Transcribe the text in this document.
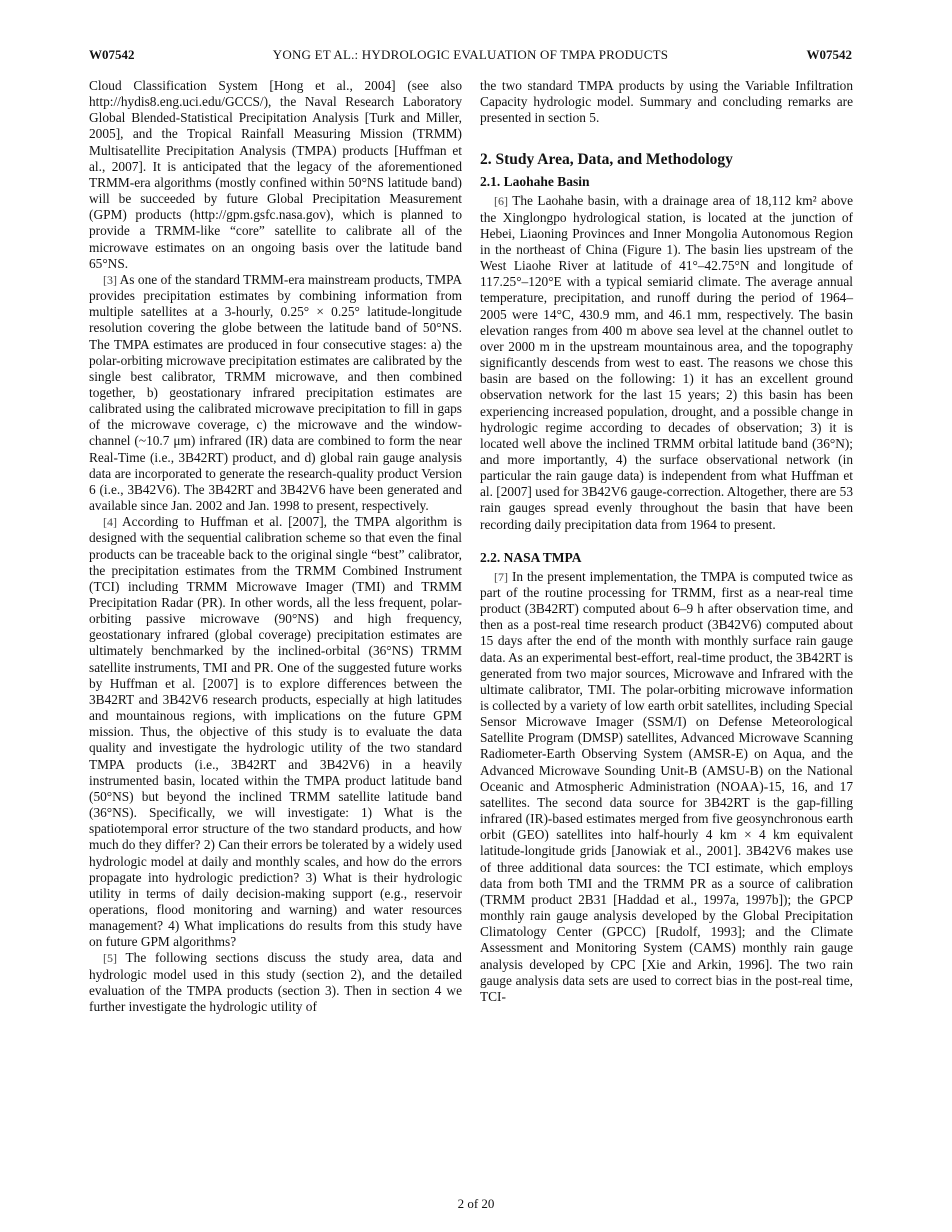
W07542	YONG ET AL.: HYDROLOGIC EVALUATION OF TMPA PRODUCTS	W07542

Cloud Classification System [Hong et al., 2004] (see also http://hydis8.eng.uci.edu/GCCS/), the Naval Research Laboratory Global Blended-Statistical Precipitation Analysis [Turk and Miller, 2005], and the Tropical Rainfall Measuring Mission (TRMM) Multisatellite Precipitation Analysis (TMPA) products [Huffman et al., 2007]. It is anticipated that the legacy of the aforementioned TRMM-era algorithms (mostly confined within 50°NS latitude band) will be succeeded by future Global Precipitation Measurement (GPM) products (http://gpm.gsfc.nasa.gov), which is planned to provide a TRMM-like “core” satellite to calibrate all of the microwave estimates on an ongoing basis over the latitude band 65°NS.

[3] As one of the standard TRMM-era mainstream products, TMPA provides precipitation estimates by combining information from multiple satellites at a 3-hourly, 0.25° × 0.25° latitude-longitude resolution covering the globe between the latitude band of 50°NS. The TMPA estimates are produced in four consecutive stages: a) the polar-orbiting microwave precipitation estimates are calibrated by the single best calibrator, TRMM microwave, and then combined together, b) geostationary infrared precipitation estimates are calibrated using the calibrated microwave precipitation to fill in gaps of the microwave coverage, c) the microwave and the window-channel (~10.7 μm) infrared (IR) data are combined to form the near Real-Time (i.e., 3B42RT) product, and d) global rain gauge analysis data are incorporated to generate the research-quality product Version 6 (i.e., 3B42V6). The 3B42RT and 3B42V6 have been generated and available since Jan. 2002 and Jan. 1998 to present, respectively.

[4] According to Huffman et al. [2007], the TMPA algorithm is designed with the sequential calibration scheme so that even the final products can be traceable back to the original single “best” calibrator, the precipitation estimates from the TRMM Combined Instrument (TCI) including TRMM Microwave Imager (TMI) and TRMM Precipitation Radar (PR). In other words, all the less frequent, polar-orbiting passive microwave (90°NS) and high frequency, geostationary infrared (global coverage) precipitation estimates are ultimately benchmarked by the inclined-orbital (36°NS) TRMM satellite instruments, TMI and PR. One of the suggested future works by Huffman et al. [2007] is to explore differences between the 3B42RT and 3B42V6 research products, especially at high latitudes and mountainous regions, with implications on the future GPM mission. Thus, the objective of this study is to evaluate the data quality and investigate the hydrologic utility of the two standard TMPA products (i.e., 3B42RT and 3B42V6) in a heavily instrumented basin, located within the TMPA product latitude band (50°NS) but beyond the inclined TRMM satellite latitude band (36°NS). Specifically, we will investigate: 1) What is the spatiotemporal error structure of the two standard products, and how much do they differ? 2) Can their errors be tolerated by a widely used hydrologic model at daily and monthly scales, and how do the errors propagate into hydrologic prediction? 3) What is their hydrologic utility in terms of daily decision-making support (e.g., reservoir operations, flood monitoring and warning) and water resources management? 4) What implications do results from this study have on future GPM algorithms?

[5] The following sections discuss the study area, data and hydrologic model used in this study (section 2), and the detailed evaluation of the TMPA products (section 3). Then in section 4 we further investigate the hydrologic utility of

the two standard TMPA products by using the Variable Infiltration Capacity hydrologic model. Summary and concluding remarks are presented in section 5.

2. Study Area, Data, and Methodology
2.1. Laohahe Basin

[6] The Laohahe basin, with a drainage area of 18,112 km² above the Xinglongpo hydrological station, is located at the junction of Hebei, Liaoning Provinces and Inner Mongolia Autonomous Region in the northeast of China (Figure 1). The basin lies upstream of the West Liaohe River at latitude of 41°–42.75°N and longitude of 117.25°–120°E with a typical semiarid climate. The average annual temperature, precipitation, and runoff during the period of 1964–2005 were 14°C, 430.9 mm, and 46.1 mm, respectively. The basin elevation ranges from 400 m above sea level at the channel outlet to over 2000 m in the upstream mountainous area, and the topography significantly descends from west to east. The reasons we chose this basin are based on the following: 1) it has an excellent ground observation network for the last 15 years; 2) this basin has been experiencing increased population, drought, and a possible change in hydrologic regime according to decades of observation; 3) it is located well above the inclined TRMM orbital latitude band (36°N); and more importantly, 4) the surface observational network (in particular the rain gauge data) is independent from what Huffman et al. [2007] used for 3B42V6 gauge-correction. Altogether, there are 53 rain gauges spread evenly throughout the basin that have been recording daily precipitation data from 1964 to present.

2.2. NASA TMPA

[7] In the present implementation, the TMPA is computed twice as part of the routine processing for TRMM, first as a near-real time product (3B42RT) computed about 6–9 h after observation time, and then as a post-real time research product (3B42V6) computed about 15 days after the end of the month with monthly surface rain gauge data. As an experimental best-effort, real-time product, the 3B42RT is generated from two major sources, Microwave and Infrared with the ultimate calibrator, TMI. The polar-orbiting microwave information is collected by a variety of low earth orbit satellites, including Special Sensor Microwave Imager (SSM/I) on Defense Meteorological Satellite Program (DMSP) satellites, Advanced Microwave Scanning Radiometer-Earth Observing System (AMSR-E) on Aqua, and the Advanced Microwave Sounding Unit-B (AMSU-B) on the National Oceanic and Atmospheric Administration (NOAA)-15, 16, and 17 satellites. The second data source for 3B42RT is the gap-filling infrared (IR)-based estimates merged from five geosynchronous earth orbit (GEO) satellites into half-hourly 4 km × 4 km equivalent latitude-longitude grids [Janowiak et al., 2001]. 3B42V6 makes use of three additional data sources: the TCI estimate, which employs data from both TMI and the TRMM PR as a source of calibration (TRMM product 2B31 [Haddad et al., 1997a, 1997b]); the GPCP monthly rain gauge analysis developed by the Global Precipitation Climatology Center (GPCC) [Rudolf, 1993]; and the Climate Assessment and Monitoring System (CAMS) monthly rain gauge analysis developed by CPC [Xie and Arkin, 1996]. The two rain gauge analysis data sets are used to correct bias in the post-real time, TCI-

2 of 20
